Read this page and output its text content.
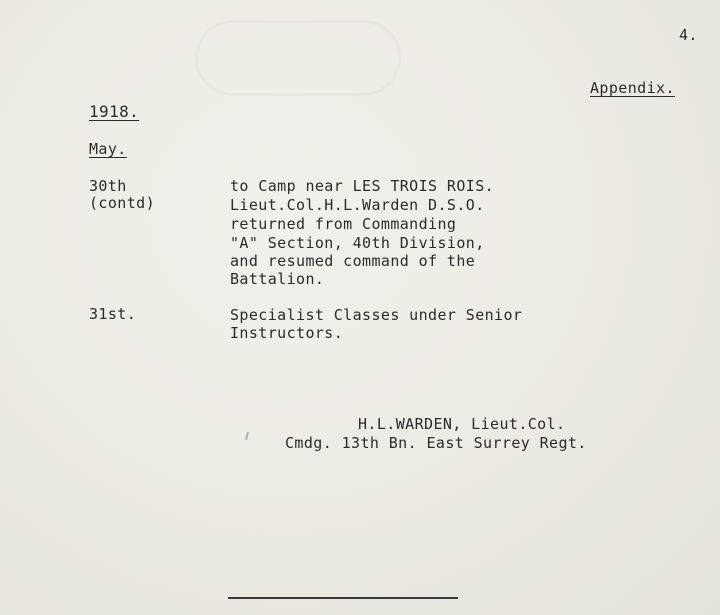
4.
Appendix.
1918.
May.
30th
(contd)
to Camp near LES TROIS ROIS.
Lieut.Col.H.L.Warden D.S.O.
returned from Commanding
"A" Section, 40th Division,
and resumed command of the
Battalion.
31st.	Specialist Classes under Senior
Instructors.
H.L.WARDEN, Lieut.Col.
Cmdg. 13th Bn. East Surrey Regt.
